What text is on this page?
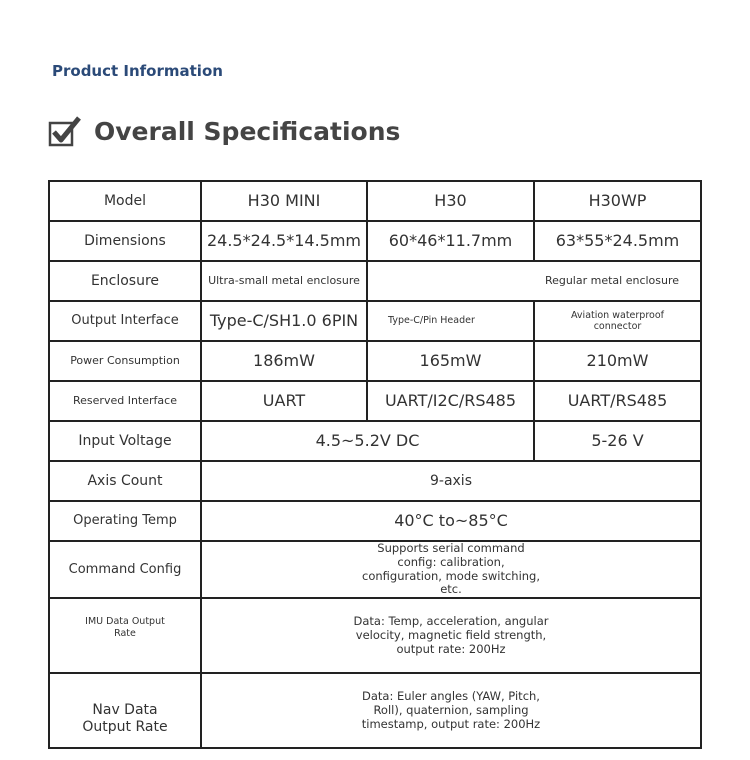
Product Information
Overall Specifications
Model	H30 MINI	H30	H30WP
Dimensions	24.5*24.5*14.5mm	60*46*11.7mm	63*55*24.5mm
Enclosure	Ultra-small metal enclosure	Regular metal enclosure	
Output Interface	Type-C/SH1.0 6PIN	Type-C/Pin Header	Aviation waterproof connector
Power Consumption	186mW	165mW	210mW
Reserved Interface	UART	UART/I2C/RS485	UART/RS485
Input Voltage	4.5~5.2V DC		5-26 V
Axis Count	9-axis		
Operating Temp	40°C to~85°C		
Command Config	Supports serial command config: calibration, configuration, mode switching, etc.		
IMU Data Output Rate	Data: Temp, acceleration, angular velocity, magnetic field strength, output rate: 200Hz		
Nav Data Output Rate	Data: Euler angles (YAW, Pitch, Roll), quaternion, sampling timestamp, output rate: 200Hz		
